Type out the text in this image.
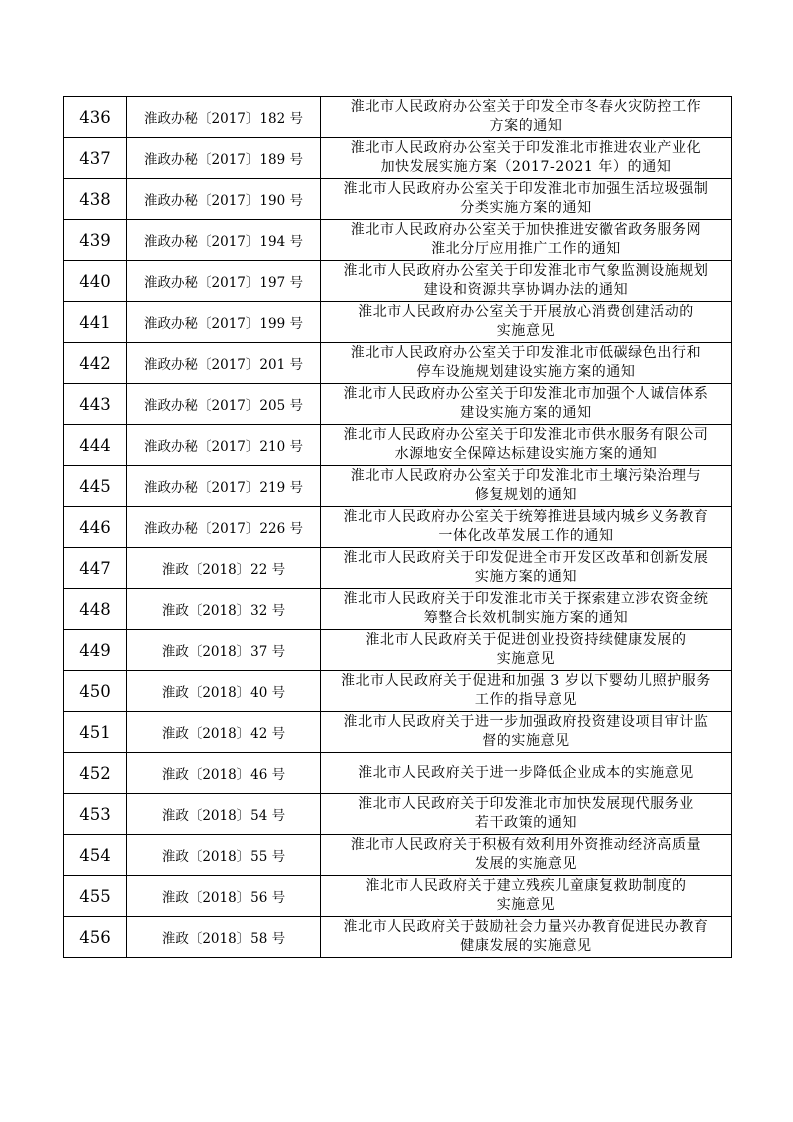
436	淮政办秘〔2017〕182 号	淮北市人民政府办公室关于印发全市冬春火灾防控工作
方案的通知
437	淮政办秘〔2017〕189 号	淮北市人民政府办公室关于印发淮北市推进农业产业化
加快发展实施方案（2017-2021 年）的通知
438	淮政办秘〔2017〕190 号	淮北市人民政府办公室关于印发淮北市加强生活垃圾强制
分类实施方案的通知
439	淮政办秘〔2017〕194 号	淮北市人民政府办公室关于加快推进安徽省政务服务网
淮北分厅应用推广工作的通知
440	淮政办秘〔2017〕197 号	淮北市人民政府办公室关于印发淮北市气象监测设施规划
建设和资源共享协调办法的通知
441	淮政办秘〔2017〕199 号	淮北市人民政府办公室关于开展放心消费创建活动的
实施意见
442	淮政办秘〔2017〕201 号	淮北市人民政府办公室关于印发淮北市低碳绿色出行和
停车设施规划建设实施方案的通知
443	淮政办秘〔2017〕205 号	淮北市人民政府办公室关于印发淮北市加强个人诚信体系
建设实施方案的通知
444	淮政办秘〔2017〕210 号	淮北市人民政府办公室关于印发淮北市供水服务有限公司
水源地安全保障达标建设实施方案的通知
445	淮政办秘〔2017〕219 号	淮北市人民政府办公室关于印发淮北市土壤污染治理与
修复规划的通知
446	淮政办秘〔2017〕226 号	淮北市人民政府办公室关于统筹推进县域内城乡义务教育
一体化改革发展工作的通知
447	淮政〔2018〕22 号	淮北市人民政府关于印发促进全市开发区改革和创新发展
实施方案的通知
448	淮政〔2018〕32 号	淮北市人民政府关于印发淮北市关于探索建立涉农资金统
筹整合长效机制实施方案的通知
449	淮政〔2018〕37 号	淮北市人民政府关于促进创业投资持续健康发展的
实施意见
450	淮政〔2018〕40 号	淮北市人民政府关于促进和加强 3 岁以下婴幼儿照护服务
工作的指导意见
451	淮政〔2018〕42 号	淮北市人民政府关于进一步加强政府投资建设项目审计监
督的实施意见
452	淮政〔2018〕46 号	淮北市人民政府关于进一步降低企业成本的实施意见
453	淮政〔2018〕54 号	淮北市人民政府关于印发淮北市加快发展现代服务业
若干政策的通知
454	淮政〔2018〕55 号	淮北市人民政府关于积极有效利用外资推动经济高质量
发展的实施意见
455	淮政〔2018〕56 号	淮北市人民政府关于建立残疾儿童康复救助制度的
实施意见
456	淮政〔2018〕58 号	淮北市人民政府关于鼓励社会力量兴办教育促进民办教育
健康发展的实施意见
